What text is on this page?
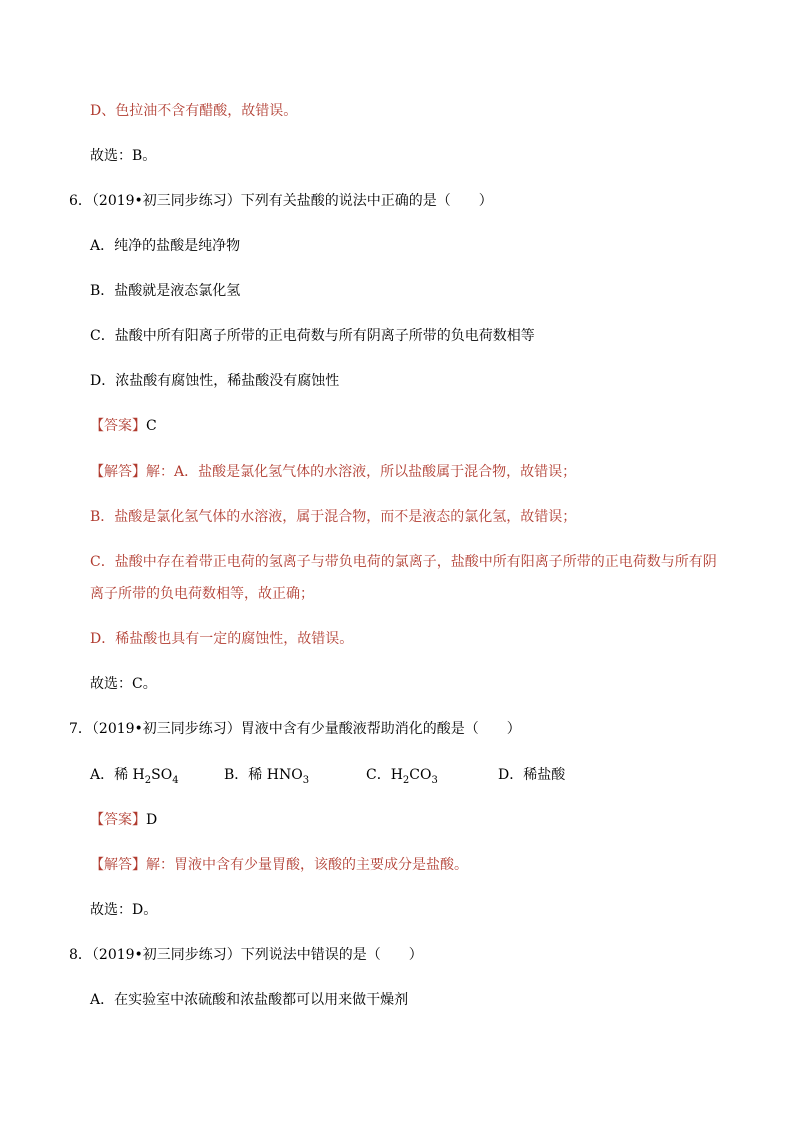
D、色拉油不含有醋酸，故错误。
故选：B。
6．（2019•初三同步练习）下列有关盐酸的说法中正确的是（　　）
A．纯净的盐酸是纯净物
B．盐酸就是液态氯化氢
C．盐酸中所有阳离子所带的正电荷数与所有阴离子所带的负电荷数相等
D．浓盐酸有腐蚀性，稀盐酸没有腐蚀性
【答案】C
【解答】解：A．盐酸是氯化氢气体的水溶液，所以盐酸属于混合物，故错误；
B．盐酸是氯化氢气体的水溶液，属于混合物，而不是液态的氯化氢，故错误；
C．盐酸中存在着带正电荷的氢离子与带负电荷的氯离子，盐酸中所有阳离子所带的正电荷数与所有阴
离子所带的负电荷数相等，故正确；
D．稀盐酸也具有一定的腐蚀性，故错误。
故选：C。
7．（2019•初三同步练习）胃液中含有少量酸液帮助消化的酸是（　　）
A．稀 $H_2SO_4$	B．稀 $HNO_3$	C．$H_2CO_3$	D．稀盐酸
【答案】D
【解答】解：胃液中含有少量胃酸，该酸的主要成分是盐酸。
故选：D。
8．（2019•初三同步练习）下列说法中错误的是（　　）
A．在实验室中浓硫酸和浓盐酸都可以用来做干燥剂
